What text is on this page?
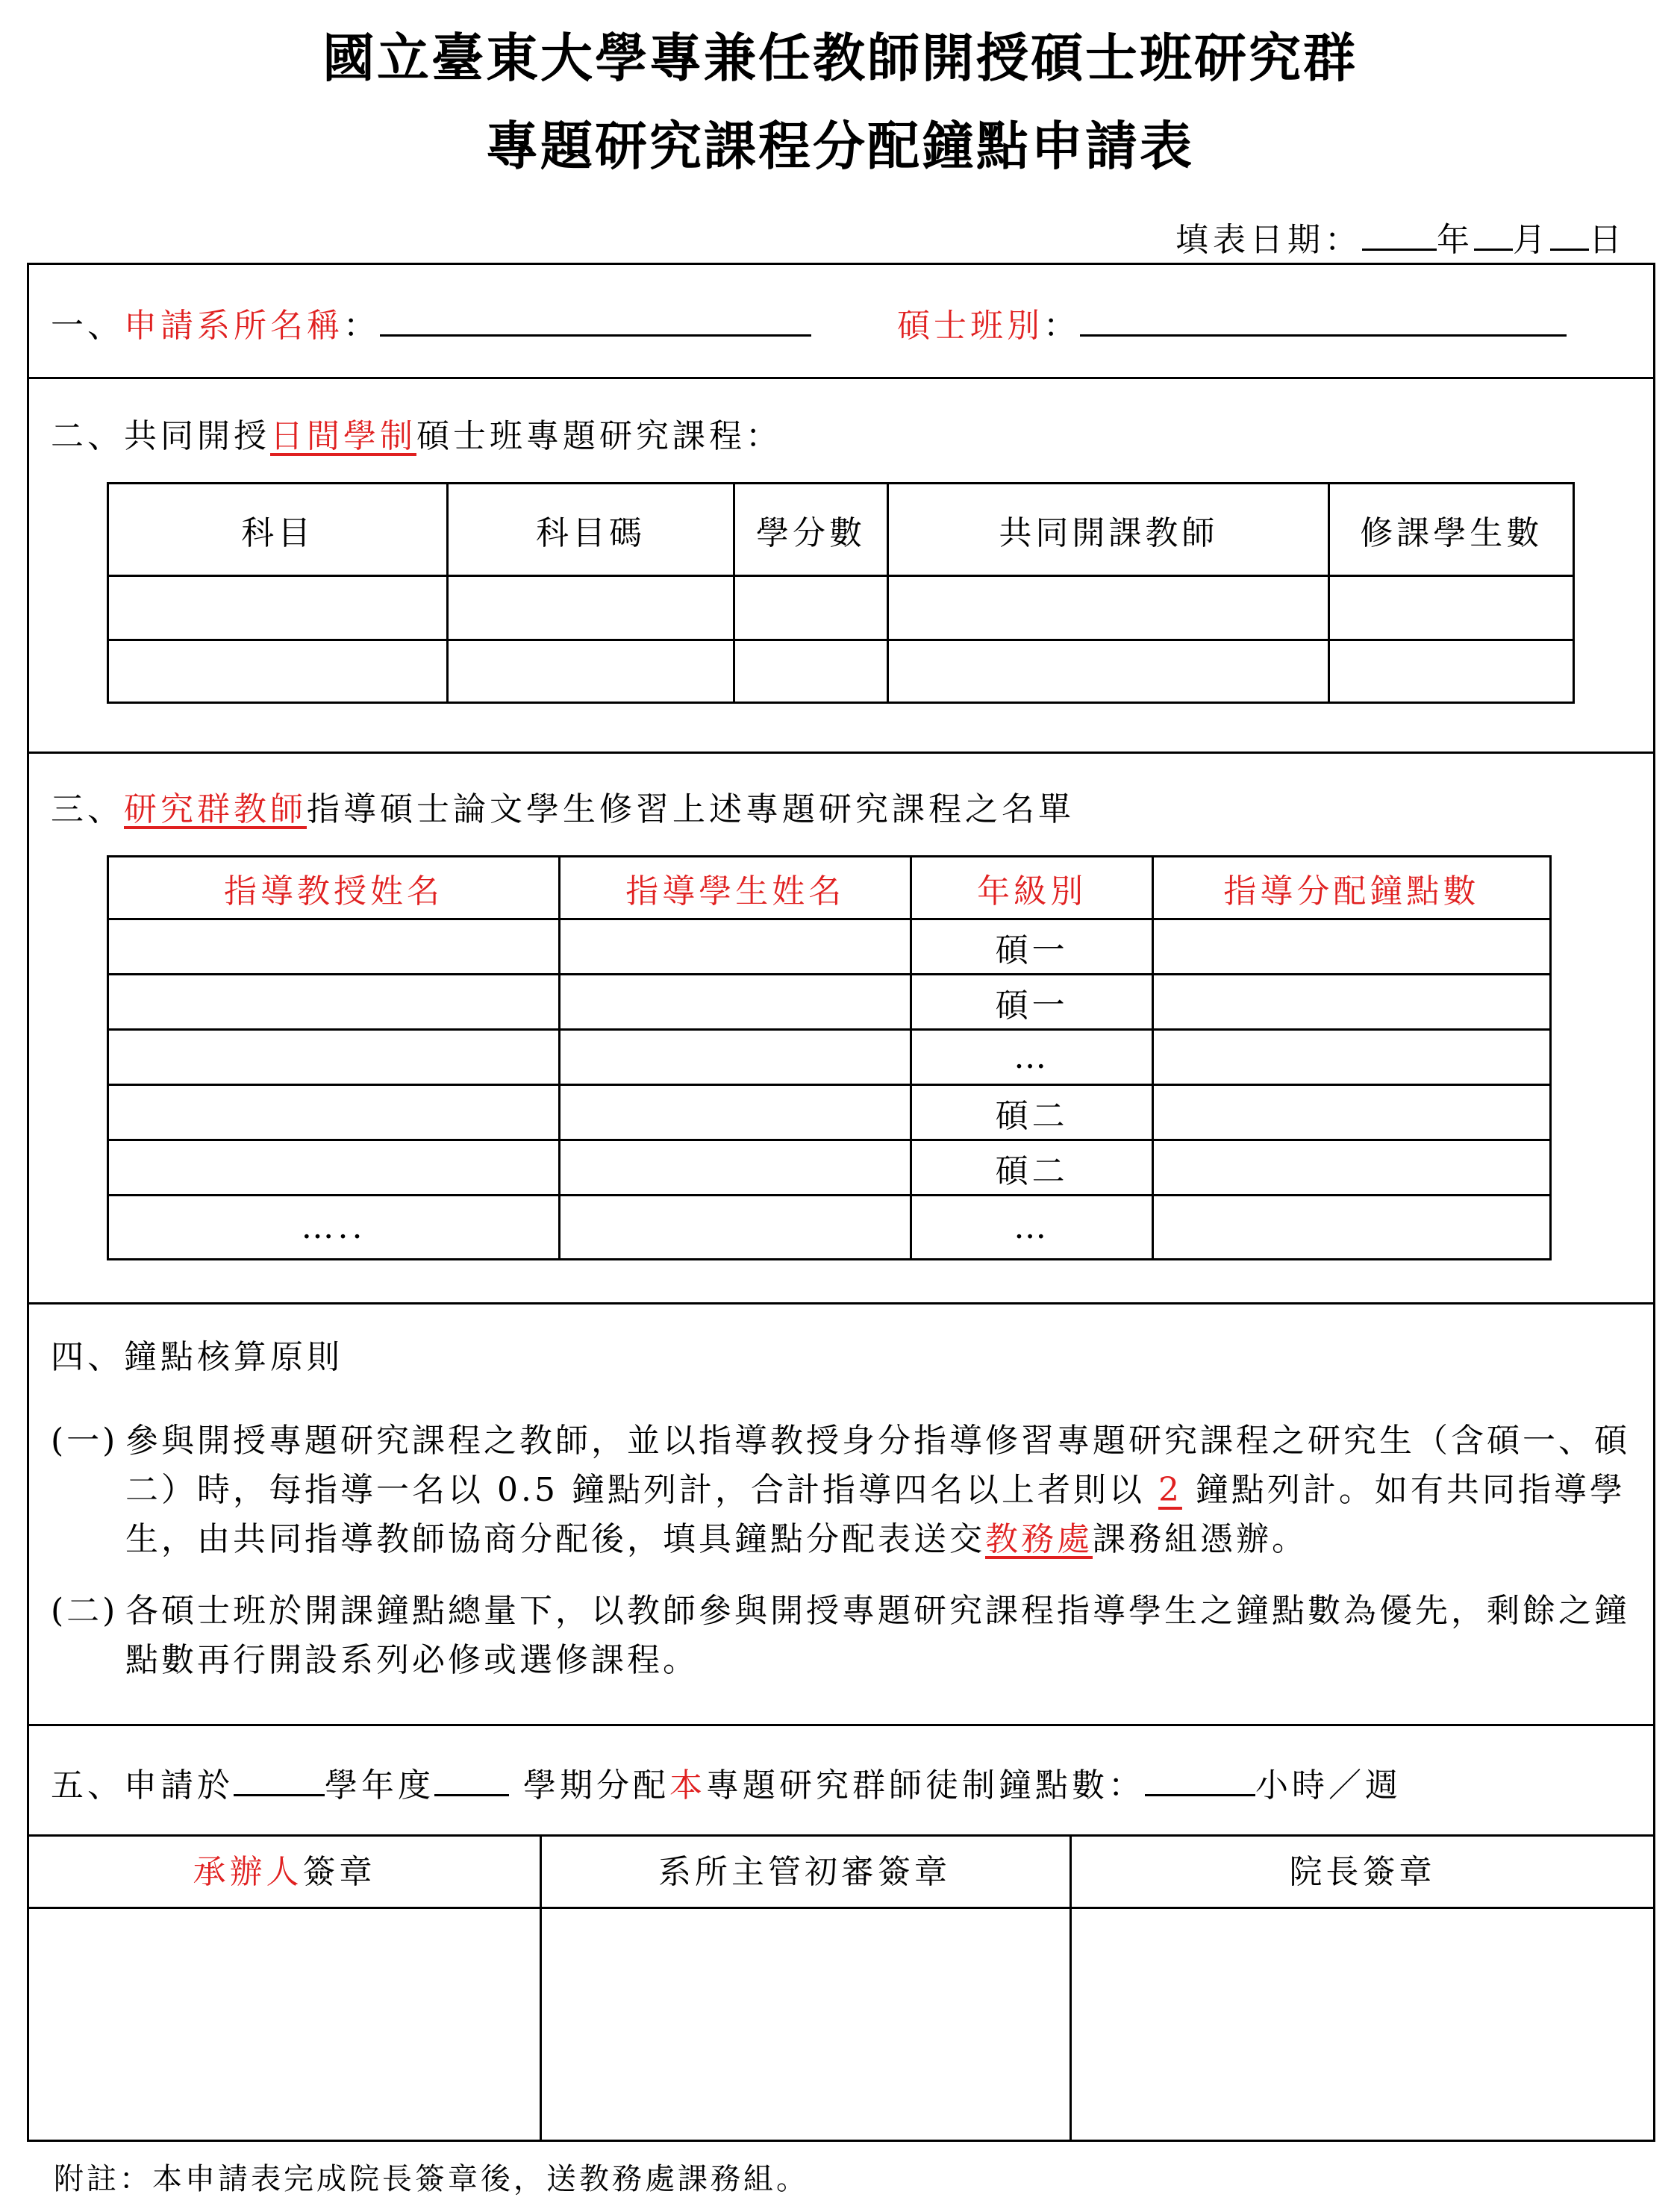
國立臺東大學專兼任教師開授碩士班研究群
專題研究課程分配鐘點申請表
填表日期： 年 月 日
一、申請系所名稱：	碩士班別：
二、共同開授日間學制碩士班專題研究課程：
科目	科目碼	學分數	共同開課教師	修課學生數

三、研究群教師指導碩士論文學生修習上述專題研究課程之名單
指導教授姓名	指導學生姓名	年級別	指導分配鐘點數
		碩一	
		碩一	
		…	
		碩二	
		碩二	
…..		…	
四、鐘點核算原則
(一) 參與開授專題研究課程之教師，並以指導教授身分指導修習專題研究課程之研究生（含碩一、碩二）時，每指導一名以 0.5 鐘點列計，合計指導四名以上者則以 2 鐘點列計。如有共同指導學生，由共同指導教師協商分配後，填具鐘點分配表送交教務處課務組憑辦。
(二) 各碩士班於開課鐘點總量下，以教師參與開授專題研究課程指導學生之鐘點數為優先，剩餘之鐘點數再行開設系列必修或選修課程。
五、申請於	學年度 學期分配本專題研究群師徒制鐘點數：	小時／週
承辦人簽章	系所主管初審簽章	院長簽章
附註：本申請表完成院長簽章後，送教務處課務組。
